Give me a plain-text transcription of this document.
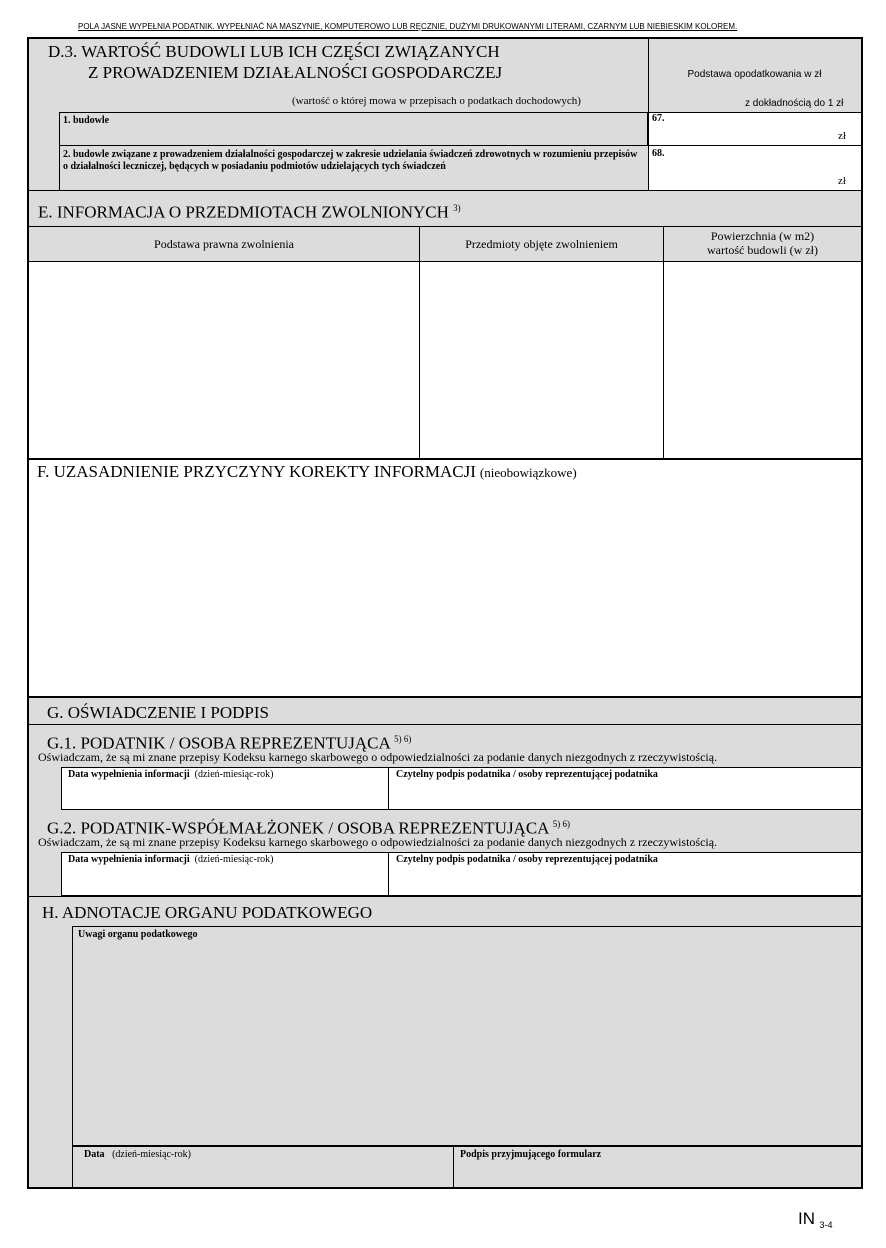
POLA JASNE WYPEŁNIA PODATNIK. WYPEŁNIAĆ NA MASZYNIE, KOMPUTEROWO LUB RĘCZNIE, DUŻYMI DRUKOWANYMI LITERAMI, CZARNYM LUB NIEBIESKIM KOLOREM.
D.3. WARTOŚĆ BUDOWLI LUB ICH CZĘŚCI ZWIĄZANYCH
Z PROWADZENIEM DZIAŁALNOŚCI GOSPODARCZEJ
(wartość o której mowa w przepisach o podatkach dochodowych)
Podstawa opodatkowania w zł
z dokładnością do 1 zł
1. budowle	67.
zł
2. budowle związane z prowadzeniem działalności gospodarczej w zakresie udzielania świadczeń zdrowotnych w rozumieniu przepisów o działalności leczniczej, będących w posiadaniu podmiotów udzielających tych świadczeń
68.
zł
E. INFORMACJA O PRZEDMIOTACH ZWOLNIONYCH $^{3)}$
Podstawa prawna zwolnienia	Przedmioty objęte zwolnieniem
Powierzchnia (w m2)
wartość budowli (w zł)
F. UZASADNIENIE PRZYCZYNY KOREKTY INFORMACJI (nieobowiązkowe)
G. OŚWIADCZENIE I PODPIS
G.1. PODATNIK / OSOBA REPREZENTUJĄCA $^{5) 6)}$
Oświadczam, że są mi znane przepisy Kodeksu karnego skarbowego o odpowiedzialności za podanie danych niezgodnych z rzeczywistością.
Data wypełnienia informacji (dzień-miesiąc-rok)	Czytelny podpis podatnika / osoby reprezentującej podatnika
G.2. PODATNIK-WSPÓŁMAŁŻONEK / OSOBA REPREZENTUJĄCA $^{5) 6)}$
Oświadczam, że są mi znane przepisy Kodeksu karnego skarbowego o odpowiedzialności za podanie danych niezgodnych z rzeczywistością.
Data wypełnienia informacji (dzień-miesiąc-rok)	Czytelny podpis podatnika / osoby reprezentującej podatnika
H. ADNOTACJE ORGANU PODATKOWEGO
Uwagi organu podatkowego
Data (dzień-miesiąc-rok)	Podpis przyjmującego formularz
IN $_{3-4}$
